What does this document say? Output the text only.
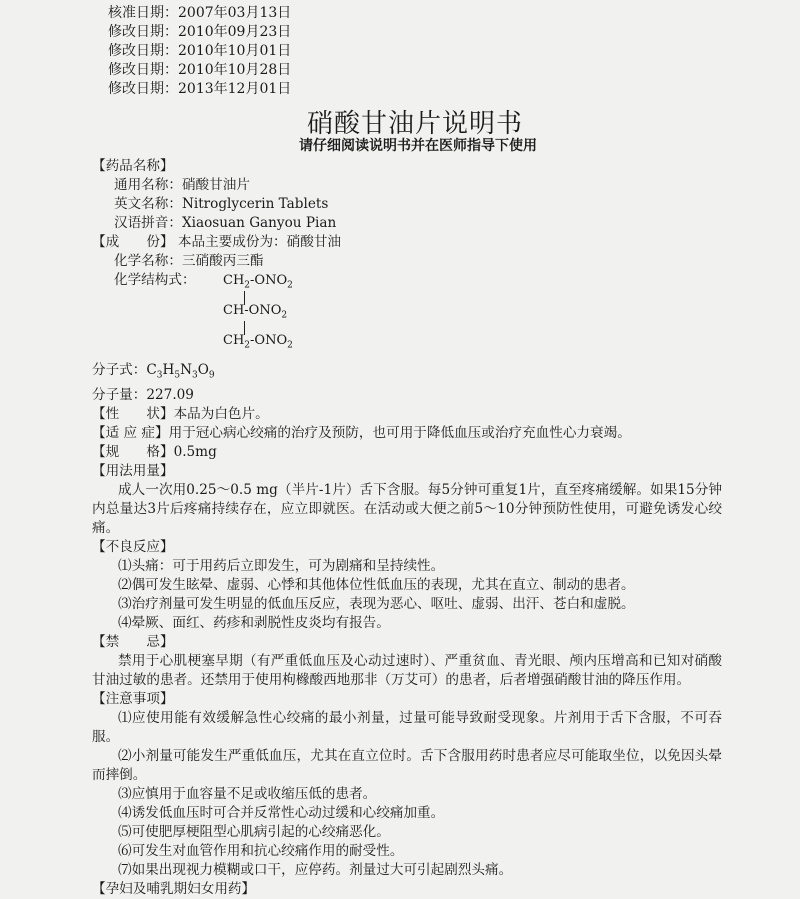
核准日期：2007年03月13日
修改日期：2010年09月23日
修改日期：2010年10月01日
修改日期：2010年10月28日
修改日期：2013年12月01日
硝酸甘油片说明书
请仔细阅读说明书并在医师指导下使用
【药品名称】
通用名称：硝酸甘油片
英文名称：Nitroglycerin Tablets
汉语拼音：Xiaosuan Ganyou Pian
【成　　份】 本品主要成份为：硝酸甘油
化学名称：三硝酸丙三酯
化学结构式： $CH_2-ONO_2$
$CH-ONO_2$
$CH_2-ONO_2$
分子式：$C_3H_5N_3O_9$
分子量：227.09
【性　　状】本品为白色片。
【适 应 症】用于冠心病心绞痛的治疗及预防，也可用于降低血压或治疗充血性心力衰竭。
【规　　格】0.5mg
【用法用量】

成人一次用0.25～0.5 mg（半片-1片）舌下含服。每5分钟可重复1片，直至疼痛缓解。如果15分钟内总量达3片后疼痛持续存在，应立即就医。在活动或大便之前5～10分钟预防性使用，可避免诱发心绞痛。

【不良反应】
⑴头痛：可于用药后立即发生，可为剧痛和呈持续性。
⑵偶可发生眩晕、虚弱、心悸和其他体位性低血压的表现，尤其在直立、制动的患者。
⑶治疗剂量可发生明显的低血压反应，表现为恶心、呕吐、虚弱、出汗、苍白和虚脱。
⑷晕厥、面红、药疹和剥脱性皮炎均有报告。
【禁　　忌】

禁用于心肌梗塞早期（有严重低血压及心动过速时）、严重贫血、青光眼、颅内压增高和已知对硝酸甘油过敏的患者。还禁用于使用枸橼酸西地那非（万艾可）的患者，后者增强硝酸甘油的降压作用。

【注意事项】

⑴应使用能有效缓解急性心绞痛的最小剂量，过量可能导致耐受现象。片剂用于舌下含服，不可吞服。

⑵小剂量可能发生严重低血压，尤其在直立位时。舌下含服用药时患者应尽可能取坐位，以免因头晕而摔倒。

⑶应慎用于血容量不足或收缩压低的患者。

⑷诱发低血压时可合并反常性心动过缓和心绞痛加重。

⑸可使肥厚梗阻型心肌病引起的心绞痛恶化。

⑹可发生对血管作用和抗心绞痛作用的耐受性。

⑺如果出现视力模糊或口干，应停药。剂量过大可引起剧烈头痛。

【孕妇及哺乳期妇女用药】
